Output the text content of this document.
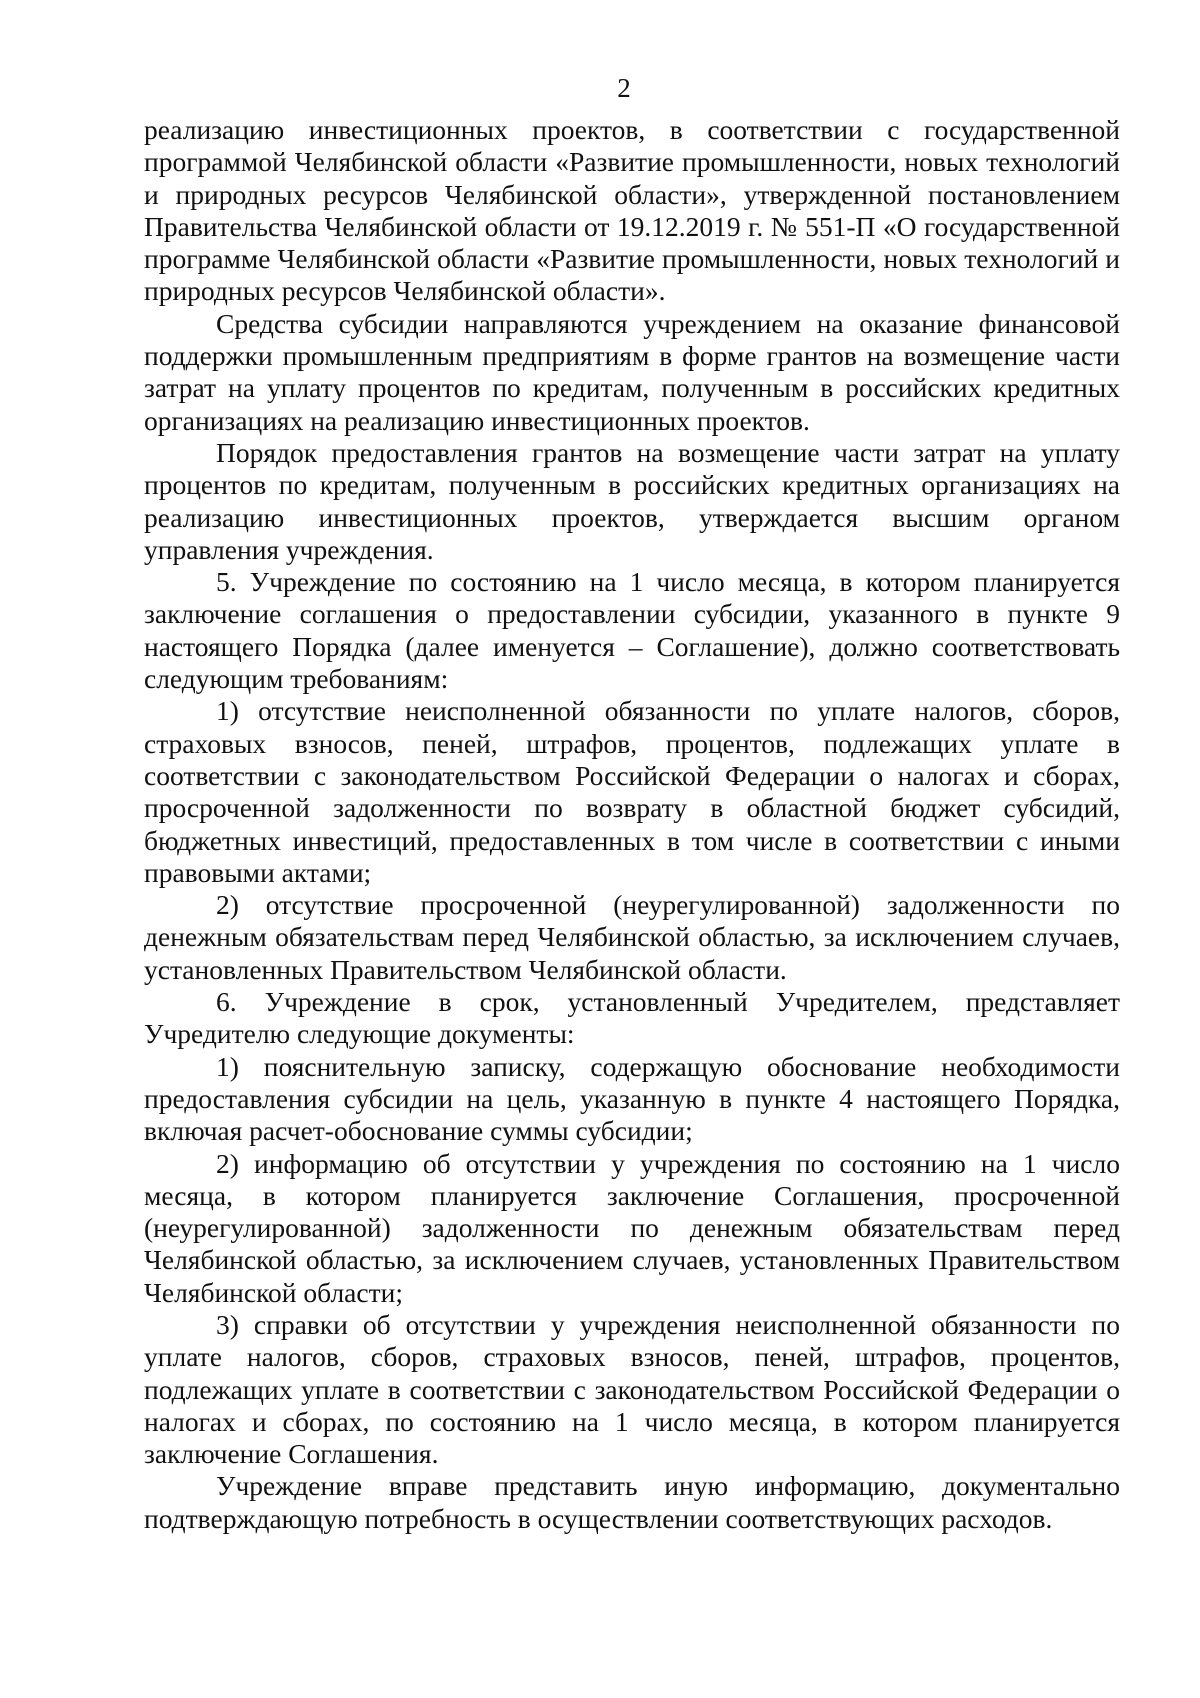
2

реализацию инвестиционных проектов, в соответствии с государственной программой Челябинской области «Развитие промышленности, новых технологий и природных ресурсов Челябинской области», утвержденной постановлением Правительства Челябинской области от 19.12.2019 г. № 551-П «О государственной программе Челябинской области «Развитие промышленности, новых технологий и природных ресурсов Челябинской области».

Средства субсидии направляются учреждением на оказание финансовой поддержки промышленным предприятиям в форме грантов на возмещение части затрат на уплату процентов по кредитам, полученным в российских кредитных организациях на реализацию инвестиционных проектов.

Порядок предоставления грантов на возмещение части затрат на уплату процентов по кредитам, полученным в российских кредитных организациях на реализацию инвестиционных проектов, утверждается высшим органом управления учреждения.

5. Учреждение по состоянию на 1 число месяца, в котором планируется заключение соглашения о предоставлении субсидии, указанного в пункте 9 настоящего Порядка (далее именуется – Соглашение), должно соответствовать следующим требованиям:

1) отсутствие неисполненной обязанности по уплате налогов, сборов, страховых взносов, пеней, штрафов, процентов, подлежащих уплате в соответствии с законодательством Российской Федерации о налогах и сборах, просроченной задолженности по возврату в областной бюджет субсидий, бюджетных инвестиций, предоставленных в том числе в соответствии с иными правовыми актами;

2) отсутствие просроченной (неурегулированной) задолженности по денежным обязательствам перед Челябинской областью, за исключением случаев, установленных Правительством Челябинской области.

6. Учреждение в срок, установленный Учредителем, представляет Учредителю следующие документы:

1) пояснительную записку, содержащую обоснование необходимости предоставления субсидии на цель, указанную в пункте 4 настоящего Порядка, включая расчет-обоснование суммы субсидии;

2) информацию об отсутствии у учреждения по состоянию на 1 число месяца, в котором планируется заключение Соглашения, просроченной (неурегулированной) задолженности по денежным обязательствам перед Челябинской областью, за исключением случаев, установленных Правительством Челябинской области;

3) справки об отсутствии у учреждения неисполненной обязанности по уплате налогов, сборов, страховых взносов, пеней, штрафов, процентов, подлежащих уплате в соответствии с законодательством Российской Федерации о налогах и сборах, по состоянию на 1 число месяца, в котором планируется заключение Соглашения.

Учреждение вправе представить иную информацию, документально подтверждающую потребность в осуществлении соответствующих расходов.
